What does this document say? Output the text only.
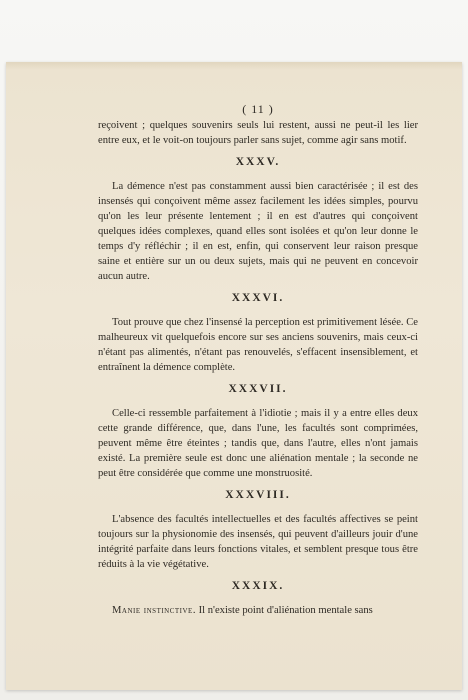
( 11 )

reçoivent ; quelques souvenirs seuls lui restent, aussi ne peut-il les lier entre eux, et le voit-on toujours parler sans sujet, comme agir sans motif.

XXXV.

La démence n'est pas constamment aussi bien caractérisée ; il est des insensés qui conçoivent même assez facilement les idées simples, pourvu qu'on les leur présente lentement ; il en est d'autres qui conçoivent quelques idées complexes, quand elles sont isolées et qu'on leur donne le temps d'y réfléchir ; il en est, enfin, qui conservent leur raison presque saine et entière sur un ou deux sujets, mais qui ne peuvent en concevoir aucun autre.

XXXVI.

Tout prouve que chez l'insensé la perception est primitivement lésée. Ce malheureux vit quelquefois encore sur ses anciens souvenirs, mais ceux-ci n'étant pas alimentés, n'étant pas renouvelés, s'effacent insensiblement, et entraînent la démence complète.

XXXVII.

Celle-ci ressemble parfaitement à l'idiotie ; mais il y a entre elles deux cette grande différence, que, dans l'une, les facultés sont comprimées, peuvent même être éteintes ; tandis que, dans l'autre, elles n'ont jamais existé. La première seule est donc une aliénation mentale ; la seconde ne peut être considérée que comme une monstruosité.

XXXVIII.

L'absence des facultés intellectuelles et des facultés affectives se peint toujours sur la physionomie des insensés, qui peuvent d'ailleurs jouir d'une intégrité parfaite dans leurs fonctions vitales, et semblent presque tous être réduits à la vie végétative.

XXXIX.

Manie instinctive. Il n'existe point d'aliénation mentale sans
